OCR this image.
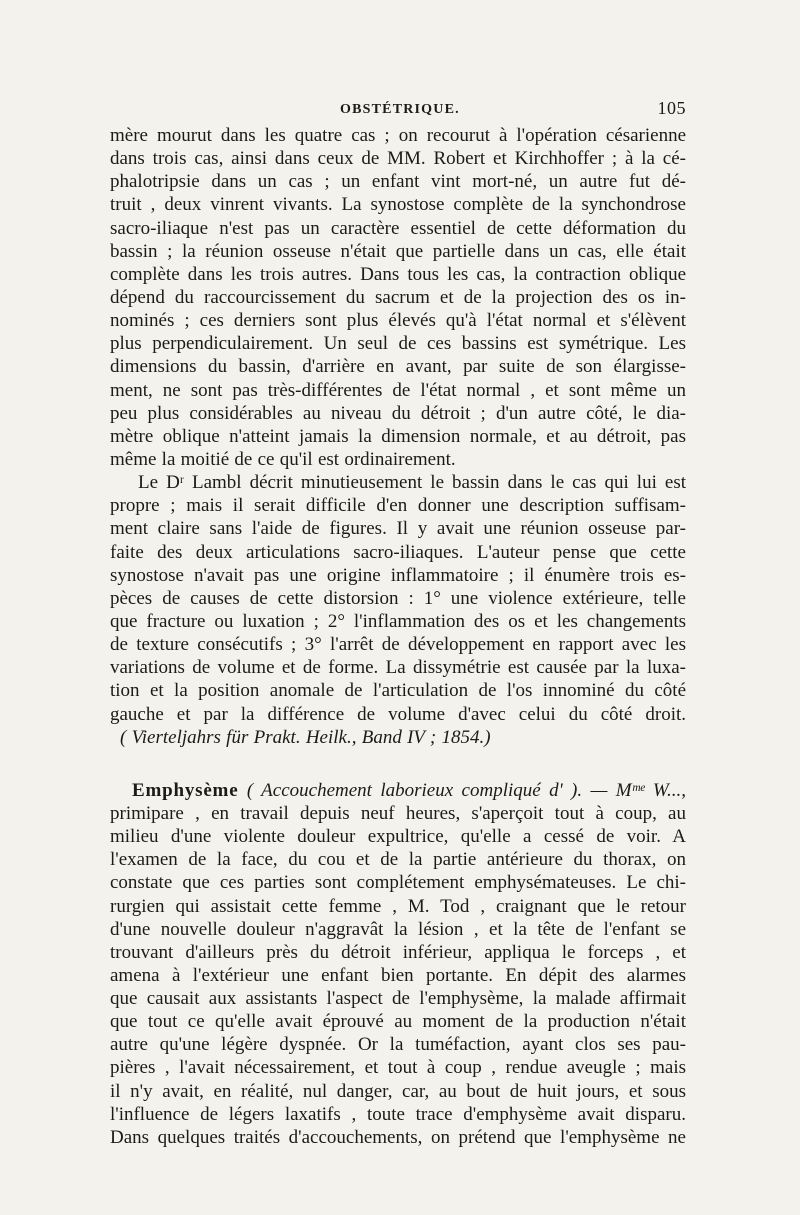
OBSTÉTRIQUE.	105
mère mourut dans les quatre cas ; on recourut à l'opération césarienne
dans trois cas, ainsi dans ceux de MM. Robert et Kirchhoffer ; à la cé-
phalotripsie dans un cas ; un enfant vint mort-né, un autre fut dé-
truit , deux vinrent vivants. La synostose complète de la synchondrose
sacro-iliaque n'est pas un caractère essentiel de cette déformation du
bassin ; la réunion osseuse n'était que partielle dans un cas, elle était
complète dans les trois autres. Dans tous les cas, la contraction oblique
dépend du raccourcissement du sacrum et de la projection des os in-
nominés ; ces derniers sont plus élevés qu'à l'état normal et s'élèvent
plus perpendiculairement. Un seul de ces bassins est symétrique. Les
dimensions du bassin, d'arrière en avant, par suite de son élargisse-
ment, ne sont pas très-différentes de l'état normal , et sont même un
peu plus considérables au niveau du détroit ; d'un autre côté, le dia-
mètre oblique n'atteint jamais la dimension normale, et au détroit, pas
même la moitié de ce qu'il est ordinairement.
Le Dʳ Lambl décrit minutieusement le bassin dans le cas qui lui est
propre ; mais il serait difficile d'en donner une description suffisam-
ment claire sans l'aide de figures. Il y avait une réunion osseuse par-
faite des deux articulations sacro-iliaques. L'auteur pense que cette
synostose n'avait pas une origine inflammatoire ; il énumère trois es-
pèces de causes de cette distorsion : 1° une violence extérieure, telle
que fracture ou luxation ; 2° l'inflammation des os et les changements
de texture consécutifs ; 3° l'arrêt de développement en rapport avec les
variations de volume et de forme. La dissymétrie est causée par la luxa-
tion et la position anomale de l'articulation de l'os innominé du côté
gauche et par la différence de volume d'avec celui du côté droit.
( Vierteljahrs für Prakt. Heilk., Band IV ; 1854.)
Emphysème ( Accouchement laborieux compliqué d' ). — Mᵐᵉ W...,
primipare , en travail depuis neuf heures, s'aperçoit tout à coup, au
milieu d'une violente douleur expultrice, qu'elle a cessé de voir. A
l'examen de la face, du cou et de la partie antérieure du thorax, on
constate que ces parties sont complétement emphysémateuses. Le chi-
rurgien qui assistait cette femme , M. Tod , craignant que le retour
d'une nouvelle douleur n'aggravât la lésion , et la tête de l'enfant se
trouvant d'ailleurs près du détroit inférieur, appliqua le forceps , et
amena à l'extérieur une enfant bien portante. En dépit des alarmes
que causait aux assistants l'aspect de l'emphysème, la malade affirmait
que tout ce qu'elle avait éprouvé au moment de la production n'était
autre qu'une légère dyspnée. Or la tuméfaction, ayant clos ses pau-
pières , l'avait nécessairement, et tout à coup , rendue aveugle ; mais
il n'y avait, en réalité, nul danger, car, au bout de huit jours, et sous
l'influence de légers laxatifs , toute trace d'emphysème avait disparu.
Dans quelques traités d'accouchements, on prétend que l'emphysème ne
